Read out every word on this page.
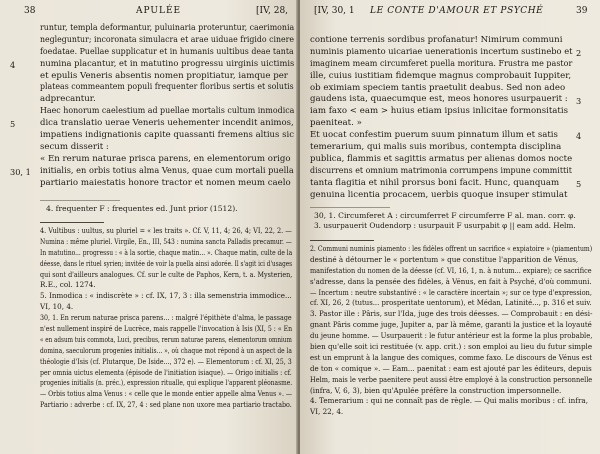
38	APULÉE	[IV, 28,
runtur, templa deformantur, puluinaria proteruntur, caerimonia
negleguntur; incoronata simulacra et arae uiduae frigido cinere
foedatae. Puellae supplicatur et in humanis uultibus deae tanta
numina placantur, et in matutino progressu uirginis uictimis
et epulis Veneris absentis nomen propitiatur, iamque per
plateas commeantem populi frequenter floribus sertis et solutis
adprecantur.
Haec honorum caelestium ad puellae mortalis cultum inmodica
dica translatio uerae Veneris uehementer incendit animos,
impatiens indignationis capite quassanti fremens altius sic
secum disserit :
« En rerum naturae prisca parens, en elementorum origo
initialis, en orbis totius alma Venus, quae cum mortali puella
partiario maiestatis honore tractor et nomen meum caelo
4
5
30, 1
4. frequenter F : frequentes ed. Junt prior (1512).
4. Vultibus : uultus, su pluriel = « les traits ». Cf. V, 11, 4; 26, 4; VI, 22, 2. —
Numina : même pluriel. Virgile, En., III, 543 : numina sancta Palladis precamur. —
In matutino... progressu : « à la sortie, chaque matin... ». Chaque matin, culte de la
déesse, dans le rituel syrien; invitée de voir la puella ainsi adorée. Il s'agit ici d'usages
qui sont d'ailleurs analogues. Cf. sur le culte de Paphos, Kern, t. a. Mysterien,
R.E., col. 1274.
5. Inmodica : « indiscrète » : cf. IX, 17, 3 : illa semenstria immodice...
VI, 10, 4.
30, 1. En rerum naturae prisca parens... : malgré l'épithète d'alma, le passage
n'est nullement inspiré de Lucrèce, mais rappelle l'invocation à Isis (XI, 5 : « En
« en adsum tuis commota, Luci, precibus, rerum naturae parens, elementorum omnium
domina, saeculorum progenies initialis... », où chaque mot répond à un aspect de la
théologie d'Isis (cf. Plutarque, De Iside..., 372 e). — Elementorum : cf. XI, 25, 3
per omnia uictus elementa (épisode de l'initiation isiaque). — Origo initialis : cf.
progenies initialis (n. préc.), expression ritualle, qui explique l'apparent pléonasme.
— Orbis totius alma Venus : « celle que le monde entier appelle alma Venus ». —
Partiario : adverbe : cf. IX, 27, 4 : sed plane non uxore mea partiario tractabo.
[IV, 30, 1 LE CONTE D'AMOUR ET PSYCHÉ	39
contione terrenis sordibus profanatur! Nimirum communi
numinis piamento uicariae uenerationis incertum sustinebo et
imaginem meam circumferet puella moritura. Frustra me pastor
ille, cuius iustitiam fidemque magnus comprobauit Iuppiter,
ob eximiam speciem tantis praetulit deabus. Sed non adeo
gaudens ista, quaecumque est, meos honores usurpauerit :
iam faxo < eam > huius etiam ipsius inlicitae formonsitatis
paeniteat. »
Et uocat confestim puerum suum pinnatum illum et satis
temerarium, qui malis suis moribus, contempta disciplina
publica, flammis et sagittis armatus per alienas domos nocte
discurrens et omnium matrimonia corrumpens impune committit
tanta flagitia et nihil prorsus boni facit. Hunc, quanquam
genuina licentia procacem, uerbis quoque insuper stimulat
2
3
4
5
30, 1. Circumferet A : circumferret F circumferre F al. man. corr. φ.
3. usurpauerit Oudendorp : usurpauit F usurpabit φ || eam add. Helm.
2. Communi numinis piamento : les fidèles offrent un sacrifice « expiatoire » (piamentum)
destiné à détourner le « portentum » que constitue l'apparition de Vénus,
manifestation du nomen de la déesse (cf. VI, 16, 1, n. à nutum... expiare); ce sacrifice
s'adresse, dans la pensée des fidèles, à Vénus, en fait à Psyché, d'où communi.
— Incertum : neutre substantivé : « le caractère incertain »; sur ce type d'expression,
cf. XI, 26, 2 (tutus... prosperitate uentorum), et Médan, Latinité..., p. 316 et suiv.
3. Pastor ille : Pâris, sur l'Ida, juge des trois déesses. — Comprobauit : en dési-
gnant Pâris comme juge, Jupiter a, par là même, garanti la justice et la loyauté
du jeune homme. — Usurpauerit : le futur antérieur est la forme la plus probable,
bien qu'elle soit ici restituée (v. app. crit.) : son emploi au lieu du futur simple
est un emprunt à la langue des comiques, comme faxo. Le discours de Vénus est
de ton « comique ». — Eam... paenitat : eam est ajouté par les éditeurs, depuis
Helm, mais le verbe paenitere peut aussi être employé à la construction personnelle
(infra, V, 6, 3), bien qu'Apulée préfère la construction impersonnelle.
4. Temerarium : qui ne connaît pas de règle. — Qui malis moribus : cf. infra,
VI, 22, 4.
